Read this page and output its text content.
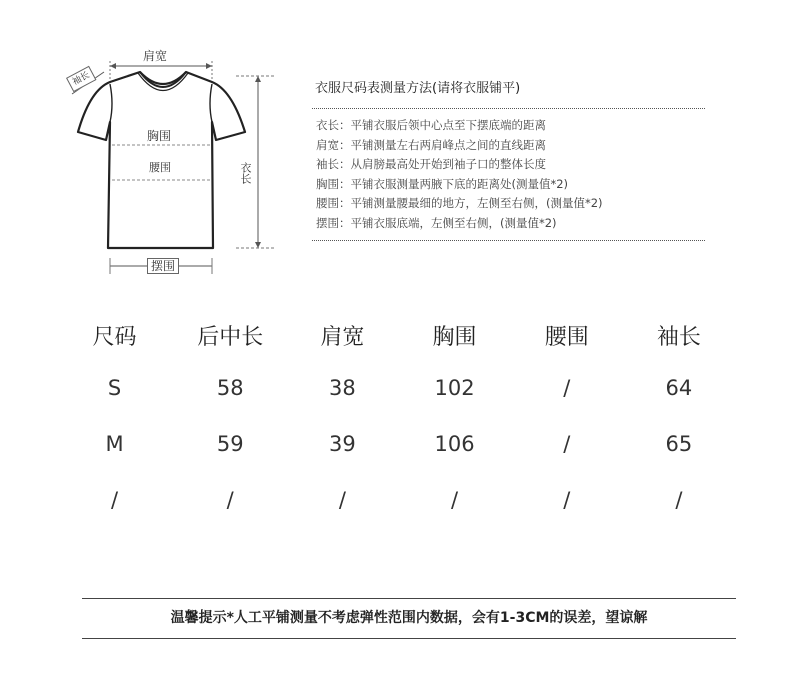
肩宽
袖长
胸围
腰围	衣长
摆围
衣服尺码表测量方法(请将衣服铺平)
衣长：平铺衣服后领中心点至下摆底端的距离
肩宽：平铺测量左右两肩峰点之间的直线距离
袖长：从肩膀最高处开始到袖子口的整体长度
胸围：平铺衣服测量两腋下底的距离处(测量值*2)
腰围：平铺测量腰最细的地方，左侧至右侧，(测量值*2)
摆围：平铺衣服底端，左侧至右侧，(测量值*2)
尺码	后中长	肩宽	胸围	腰围	袖长
S	58	38	102	/	64
M	59	39	106	/	65
/	/	/	/	/	/
温馨提示*人工平铺测量不考虑弹性范围内数据，会有1-3CM的误差，望谅解
